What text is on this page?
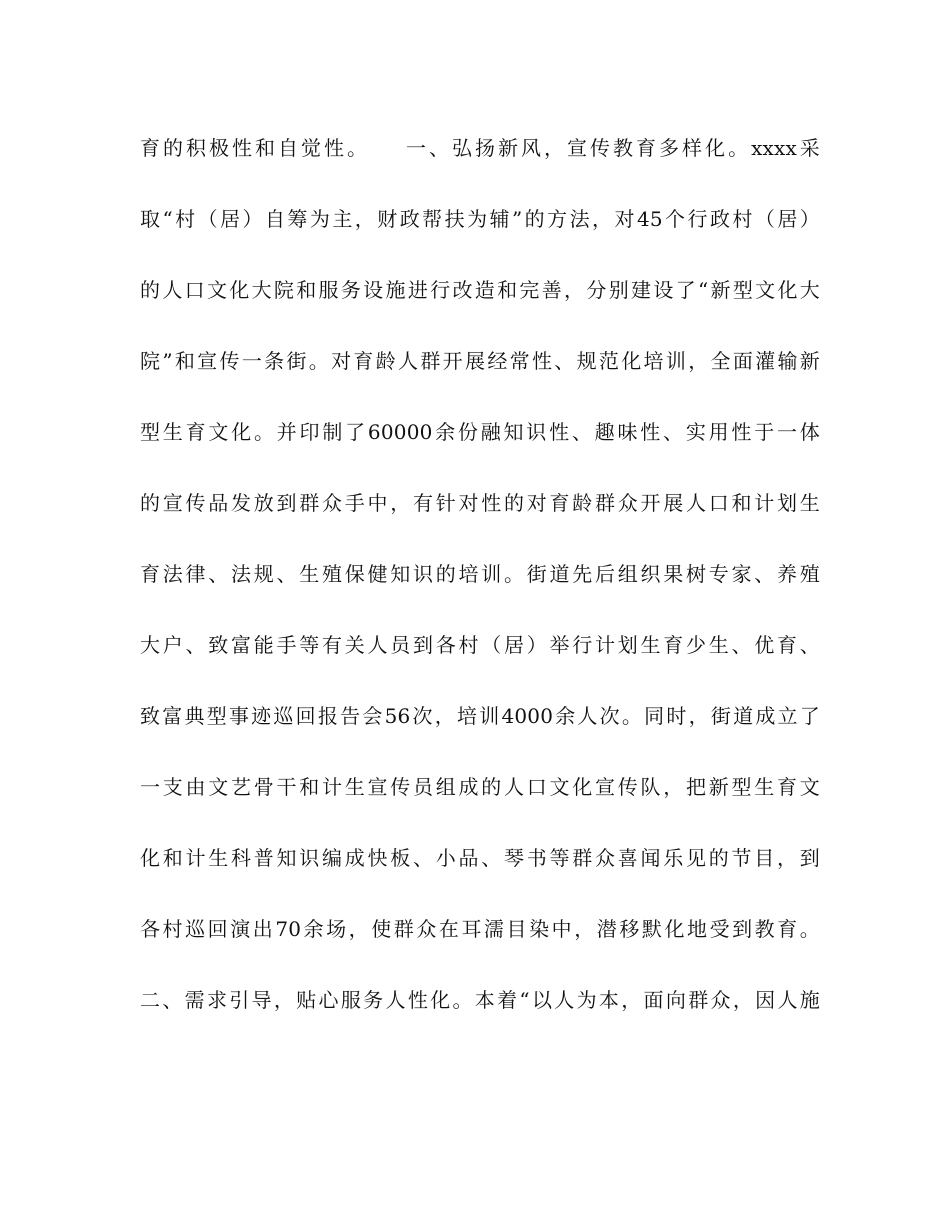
育的积极性和自觉性。　　一、弘扬新风，宣传教育多样化。xxxx采
取“村（居）自筹为主，财政帮扶为辅”的方法，对45个行政村（居）
的人口文化大院和服务设施进行改造和完善，分别建设了“新型文化大
院”和宣传一条街。对育龄人群开展经常性、规范化培训，全面灌输新
型生育文化。并印制了60000余份融知识性、趣味性、实用性于一体
的宣传品发放到群众手中，有针对性的对育龄群众开展人口和计划生
育法律、法规、生殖保健知识的培训。街道先后组织果树专家、养殖
大户、致富能手等有关人员到各村（居）举行计划生育少生、优育、
致富典型事迹巡回报告会56次，培训4000余人次。同时，街道成立了
一支由文艺骨干和计生宣传员组成的人口文化宣传队，把新型生育文
化和计生科普知识编成快板、小品、琴书等群众喜闻乐见的节目，到
各村巡回演出70余场，使群众在耳濡目染中，潜移默化地受到教育。
二、需求引导，贴心服务人性化。本着“以人为本，面向群众，因人施
